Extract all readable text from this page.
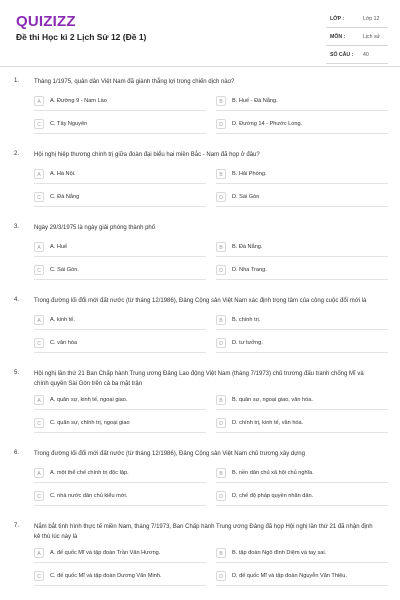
QUIZIZZ
Đề thi Học kì 2 Lịch Sử 12 (Đề 1)
LỚP :	Lớp 12
MÔN :	Lịch sử
SỐ CÂU : 40
1. Tháng 1/1975, quân dân Việt Nam đã giành thắng lợi trong chiến dịch nào?
A	A. Đường 9 - Nam Lào	B	B. Huế - Đà Nẵng.
C	C. Tây Nguyên	D	D. Đường 14 - Phước Long.
2. Hội nghị hiệp thương chính trị giữa đoàn đại biểu hai miền Bắc - Nam đã họp ở đâu?
A	A. Hà Nội.	B	B. Hải Phòng.
C	C. Đà Nẵng	D	D. Sài Gòn
3. Ngày 29/3/1975 là ngày giải phóng thành phố
A	A. Huế	B	B. Đà Nẵng.
C	C. Sài Gòn.	D	D. Nha Trang.
4. Trong đường lối đổi mới đất nước (từ tháng 12/1986), Đảng Cộng sản Việt Nam xác định trọng tâm của công cuộc đổi mới là
A	A. kinh tế.	B	B. chính trị.
C	C. văn hóa	D	D. tư tưởng.
5. Hội nghị lần thứ 21 Ban Chấp hành Trung ương Đảng Lao động Việt Nam (tháng 7/1973) chủ trương đấu tranh chống Mĩ và chính quyền Sài Gòn trên cả ba mặt trận
A	A. quân sự, kinh tế, ngoại giao.	B	B. quân sự, ngoại giao, văn hóa.
C	C. quân sự, chính trị, ngoại giao	D	D. chính trị, kinh tế, văn hóa.
6. Trong đường lối đổi mới đất nước (từ tháng 12/1986), Đảng Cộng sản Việt Nam chủ trương xây dựng
A	A. một thể chế chính trị độc lập.	B	B. nền dân chủ xã hội chủ nghĩa.
C	C. nhà nước dân chủ kiểu mới.	D	D. chế độ pháp quyền nhân dân.
7. Nắm bắt tình hình thực tế miền Nam, tháng 7/1973, Ban Chấp hành Trung ương Đảng đã họp Hội nghị lần thứ 21 đã nhận định kẻ thù lúc này là
A	A. đế quốc Mĩ và tập đoàn Trần Văn Hương.	B	B. tập đoàn Ngô đình Diệm và tay sai.
C	C. đế quốc Mĩ và tập đoàn Dương Văn Minh.	D	D. đế quốc Mĩ và tập đoàn Nguyễn Văn Thiệu.
